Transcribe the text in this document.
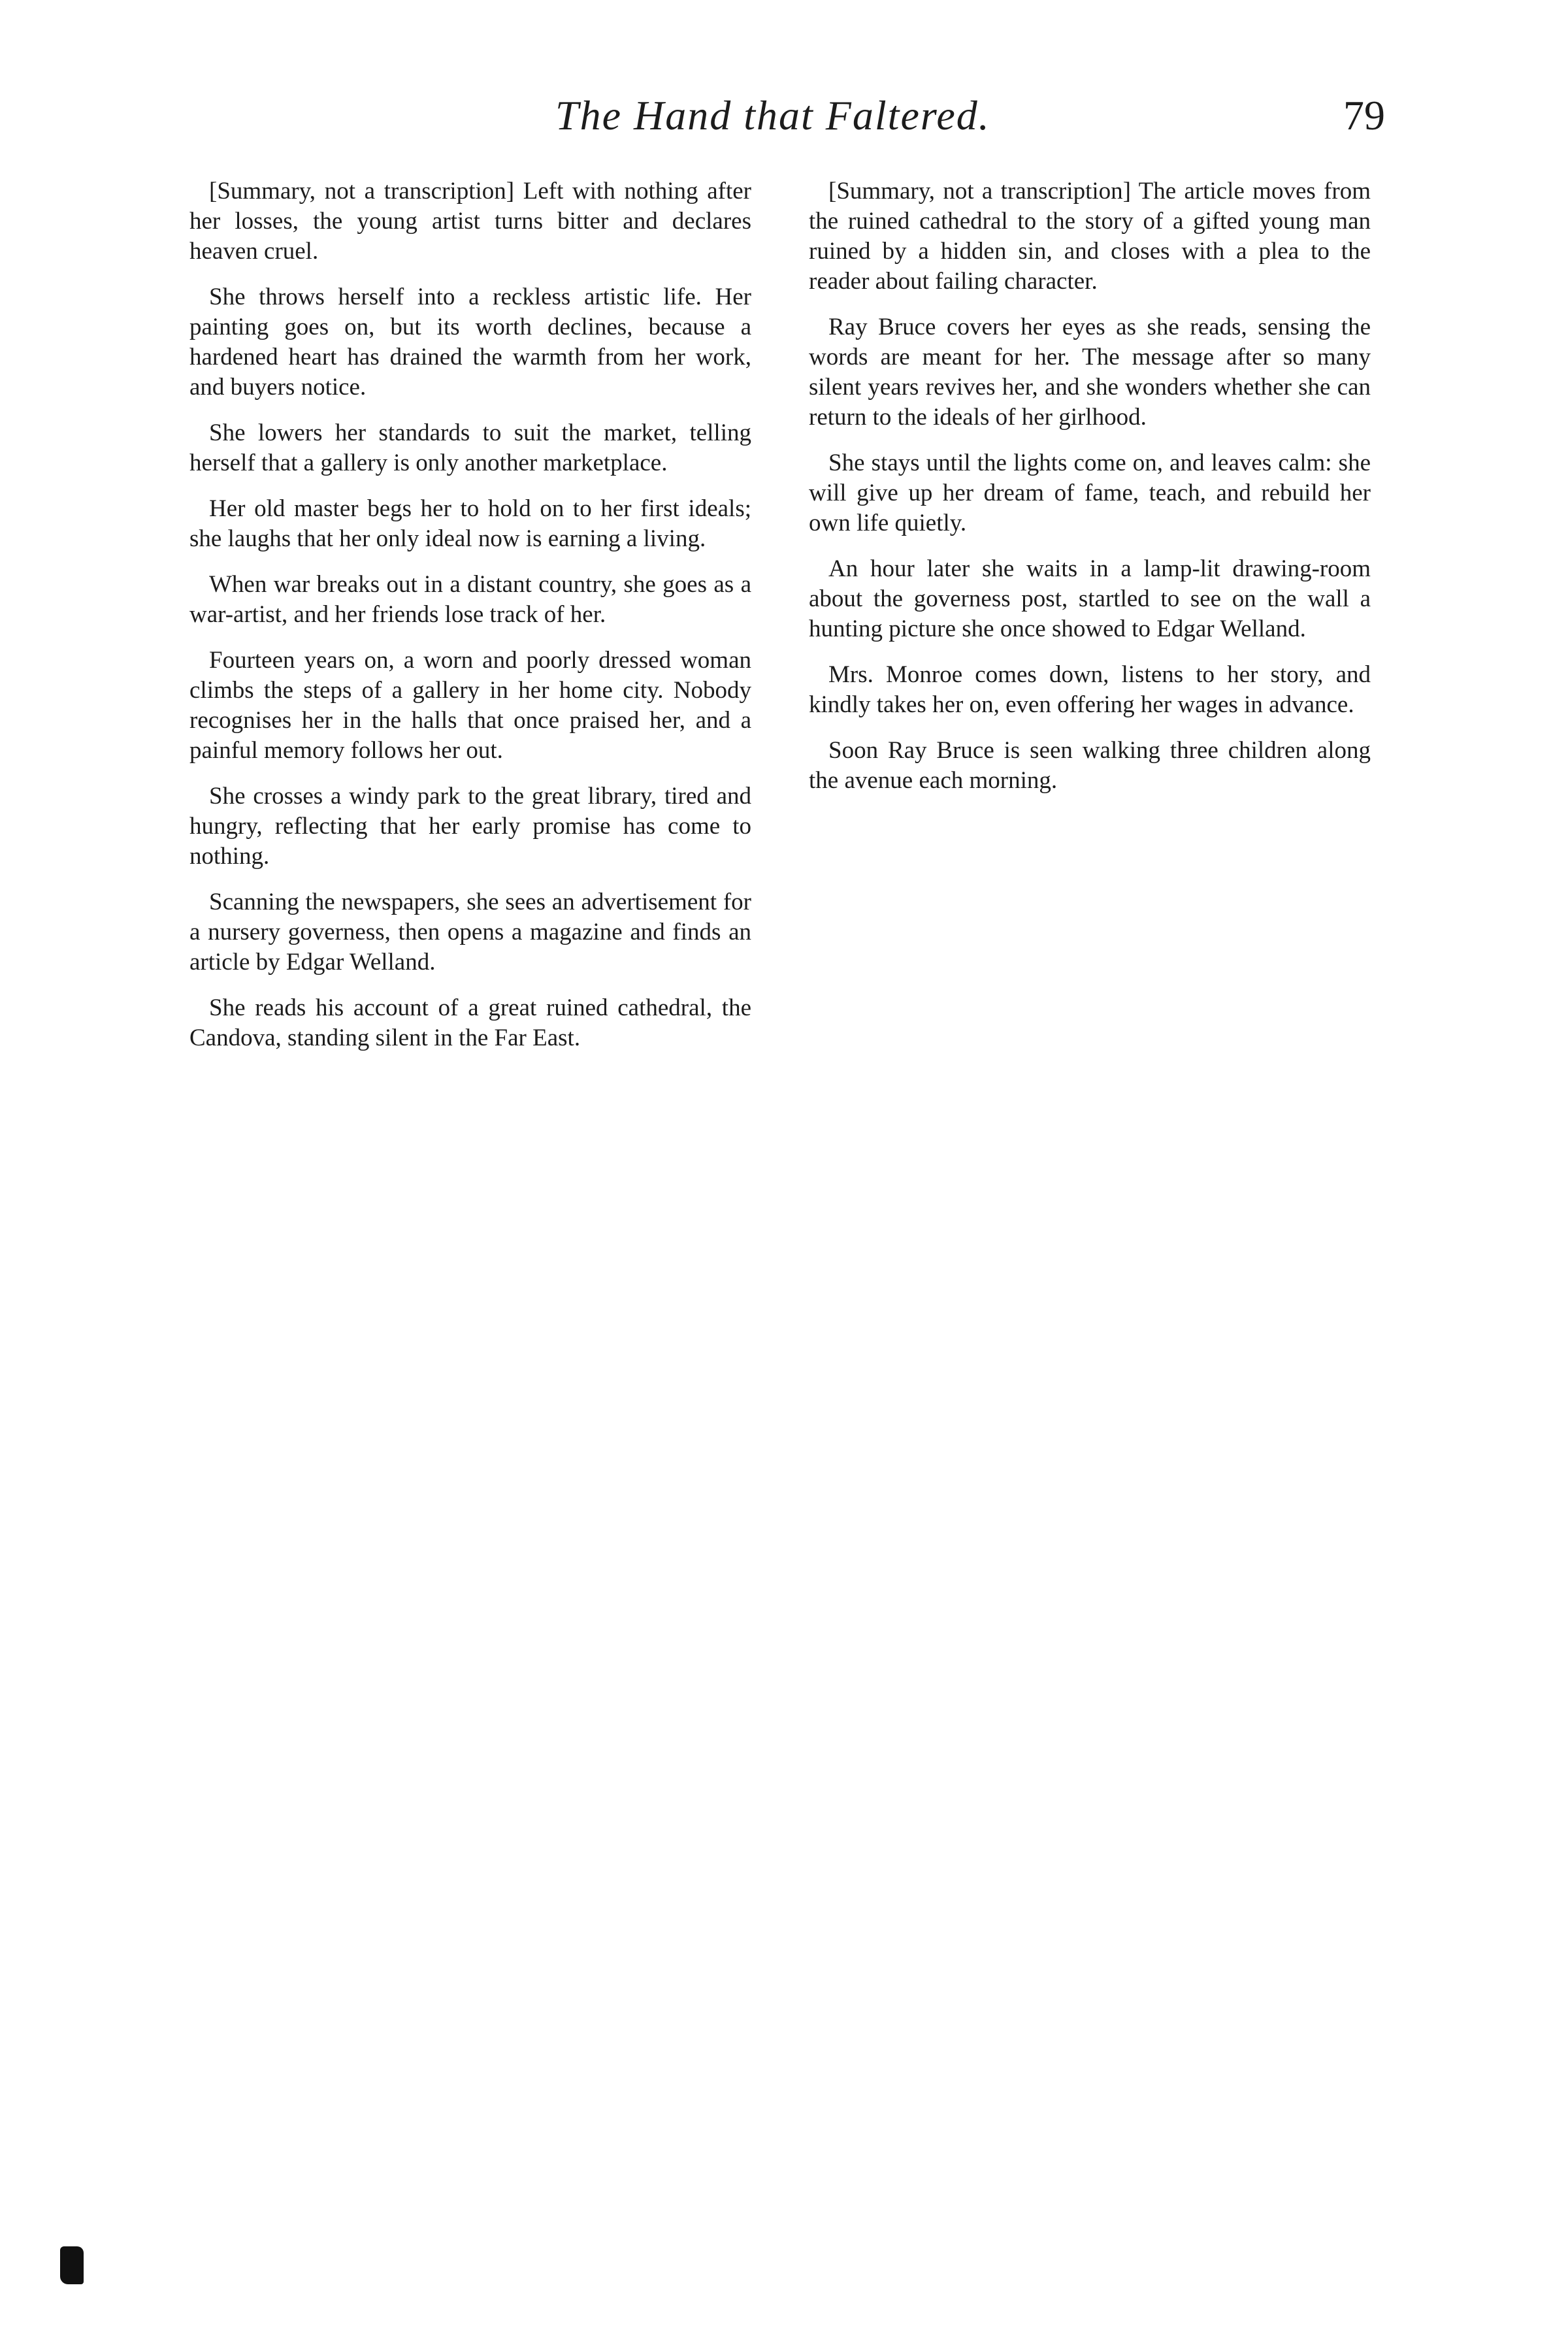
The Hand that Faltered.	79

[Summary, not a transcription] Left with nothing after her losses, the young artist turns bitter and declares heaven cruel.

She throws herself into a reckless artistic life. Her painting goes on, but its worth declines, because a hardened heart has drained the warmth from her work, and buyers notice.

She lowers her standards to suit the market, telling herself that a gallery is only another marketplace.

Her old master begs her to hold on to her first ideals; she laughs that her only ideal now is earning a living.

When war breaks out in a distant country, she goes as a war-artist, and her friends lose track of her.

Fourteen years on, a worn and poorly dressed woman climbs the steps of a gallery in her home city. Nobody recognises her in the halls that once praised her, and a painful memory follows her out.

She crosses a windy park to the great library, tired and hungry, reflecting that her early promise has come to nothing.

Scanning the newspapers, she sees an advertisement for a nursery governess, then opens a magazine and finds an article by Edgar Welland.

She reads his account of a great ruined cathedral, the Candova, standing silent in the Far East.

[Summary, not a transcription] The article moves from the ruined cathedral to the story of a gifted young man ruined by a hidden sin, and closes with a plea to the reader about failing character.

Ray Bruce covers her eyes as she reads, sensing the words are meant for her. The message after so many silent years revives her, and she wonders whether she can return to the ideals of her girlhood.

She stays until the lights come on, and leaves calm: she will give up her dream of fame, teach, and rebuild her own life quietly.

An hour later she waits in a lamp-lit drawing-room about the governess post, startled to see on the wall a hunting picture she once showed to Edgar Welland.

Mrs. Monroe comes down, listens to her story, and kindly takes her on, even offering her wages in advance.

Soon Ray Bruce is seen walking three children along the avenue each morning.
